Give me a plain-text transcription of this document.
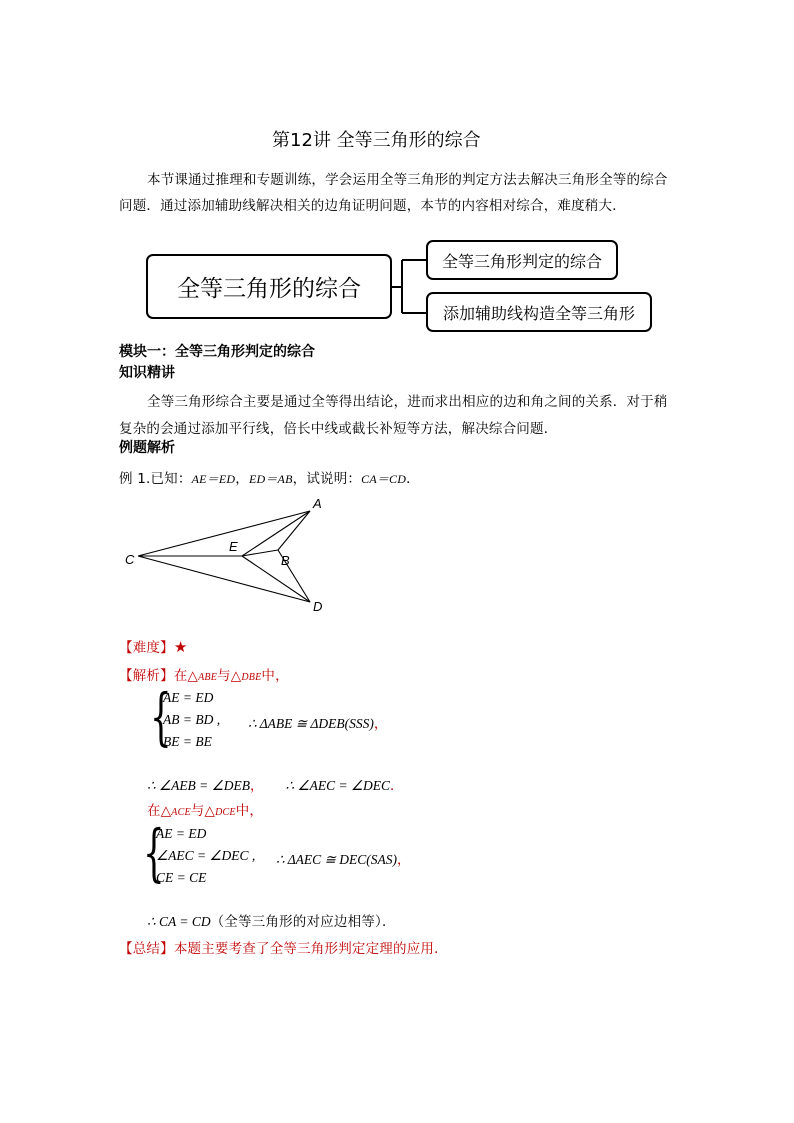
第12讲 全等三角形的综合
本节课通过推理和专题训练，学会运用全等三角形的判定方法去解决三角形全等的综合
问题．通过添加辅助线解决相关的边角证明问题，本节的内容相对综合，难度稍大．
全等三角形的综合
全等三角形判定的综合
添加辅助线构造全等三角形
模块一：全等三角形判定的综合
知识精讲
全等三角形综合主要是通过全等得出结论，进而求出相应的边和角之间的关系．对于稍
复杂的会通过添加平行线，倍长中线或截长补短等方法，解决综合问题．
例题解析
例 1.已知：AE＝ED，ED＝AB，试说明：CA＝CD．
A
B
C
D
E
【难度】★
【解析】在△ABE与△DBE中，
{
AE = ED
AB = BD ,
BE = BE
∴ ΔABE ≅ ΔDEB(SSS)，
∴ ∠AEB = ∠DEB， ∴ ∠AEC = ∠DEC．
在△ACE与△DCE中，
{
AE = ED
∠AEC = ∠DEC ,
CE = CE
∴ ΔAEC ≅ DEC(SAS)，
∴ CA = CD（全等三角形的对应边相等）．
【总结】本题主要考查了全等三角形判定定理的应用．
